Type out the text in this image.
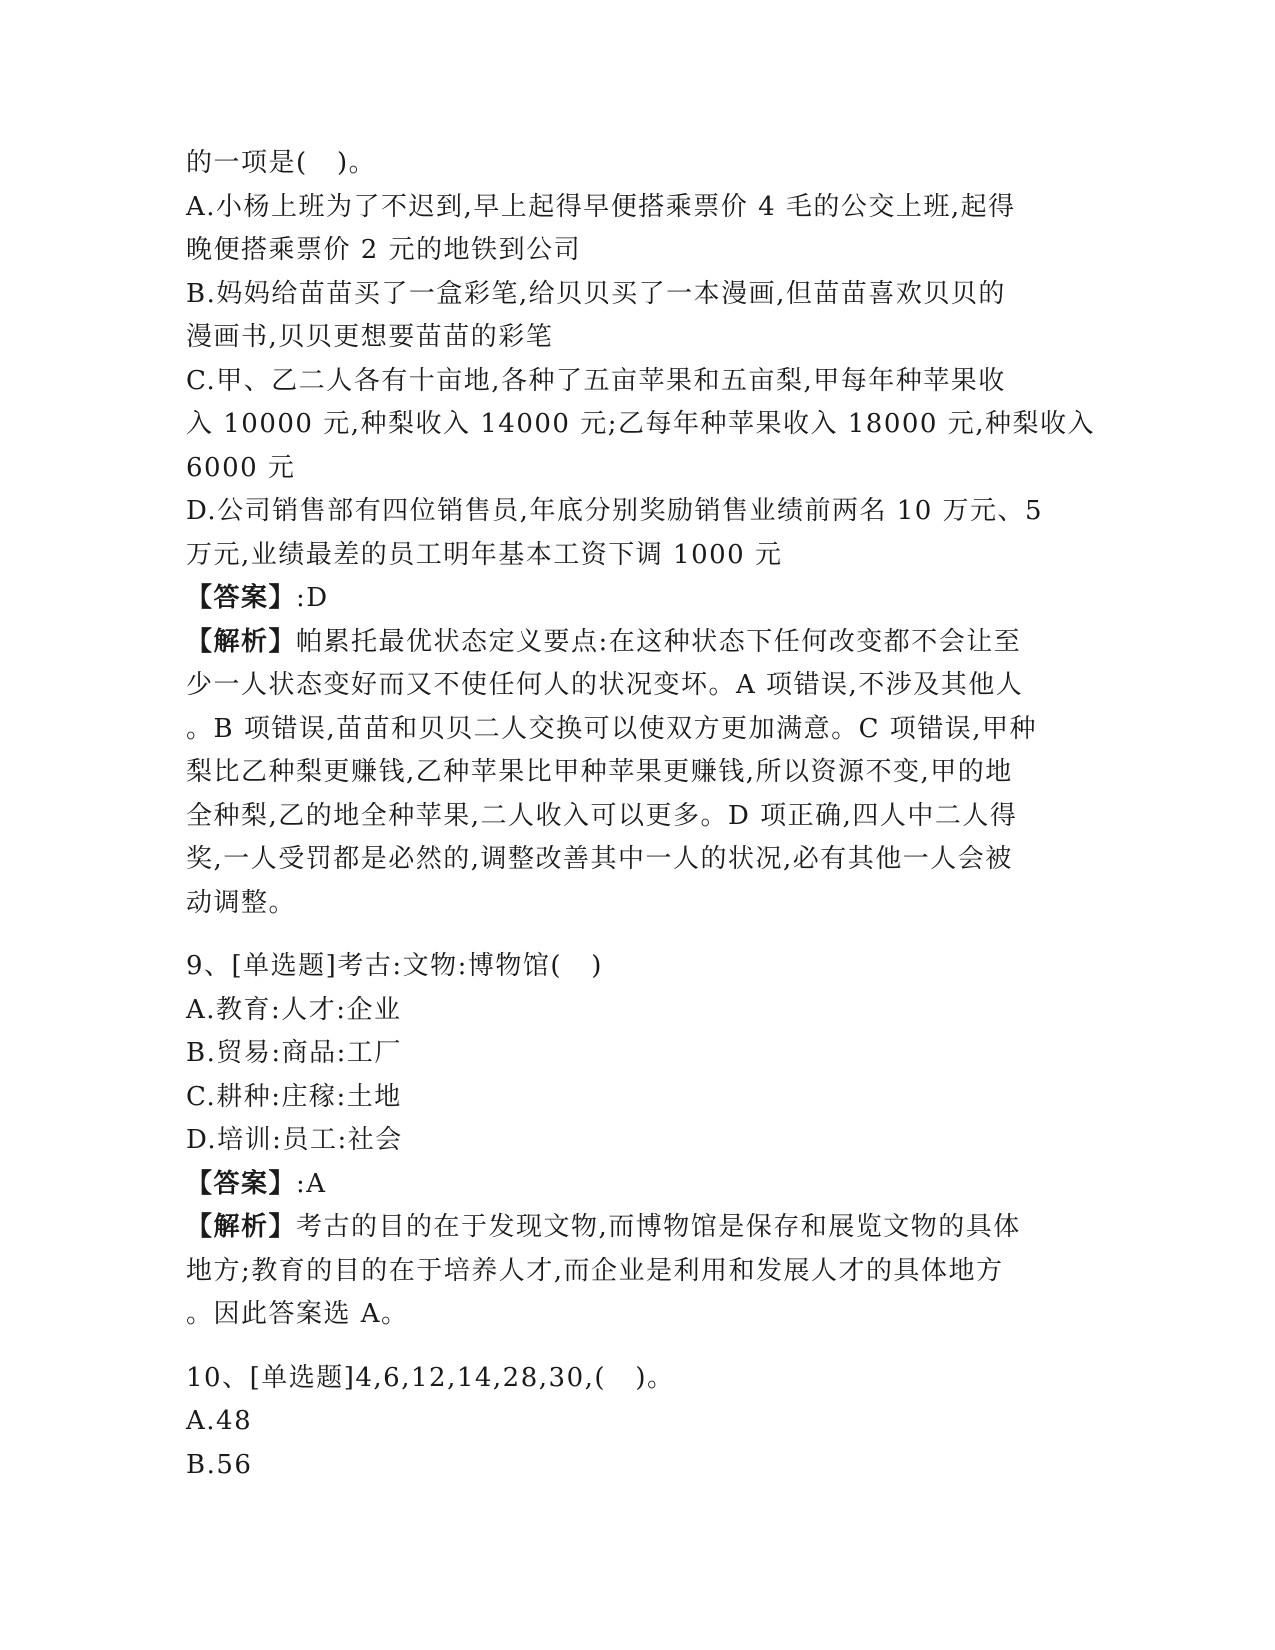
的一项是(   )。
A.小杨上班为了不迟到,早上起得早便搭乘票价 4 毛的公交上班,起得
晚便搭乘票价 2 元的地铁到公司
B.妈妈给苗苗买了一盒彩笔,给贝贝买了一本漫画,但苗苗喜欢贝贝的
漫画书,贝贝更想要苗苗的彩笔
C.甲、乙二人各有十亩地,各种了五亩苹果和五亩梨,甲每年种苹果收
入 10000 元,种梨收入 14000 元;乙每年种苹果收入 18000 元,种梨收入
6000 元
D.公司销售部有四位销售员,年底分别奖励销售业绩前两名 10 万元、5
万元,业绩最差的员工明年基本工资下调 1000 元
【答案】:D
【解析】帕累托最优状态定义要点:在这种状态下任何改变都不会让至
少一人状态变好而又不使任何人的状况变坏。A 项错误,不涉及其他人
。B 项错误,苗苗和贝贝二人交换可以使双方更加满意。C 项错误,甲种
梨比乙种梨更赚钱,乙种苹果比甲种苹果更赚钱,所以资源不变,甲的地
全种梨,乙的地全种苹果,二人收入可以更多。D 项正确,四人中二人得
奖,一人受罚都是必然的,调整改善其中一人的状况,必有其他一人会被
动调整。
9、[单选题]考古:文物:博物馆(   )
A.教育:人才:企业
B.贸易:商品:工厂
C.耕种:庄稼:土地
D.培训:员工:社会
【答案】:A
【解析】考古的目的在于发现文物,而博物馆是保存和展览文物的具体
地方;教育的目的在于培养人才,而企业是利用和发展人才的具体地方
。因此答案选 A。
10、[单选题]4,6,12,14,28,30,(   )。
A.48
B.56
